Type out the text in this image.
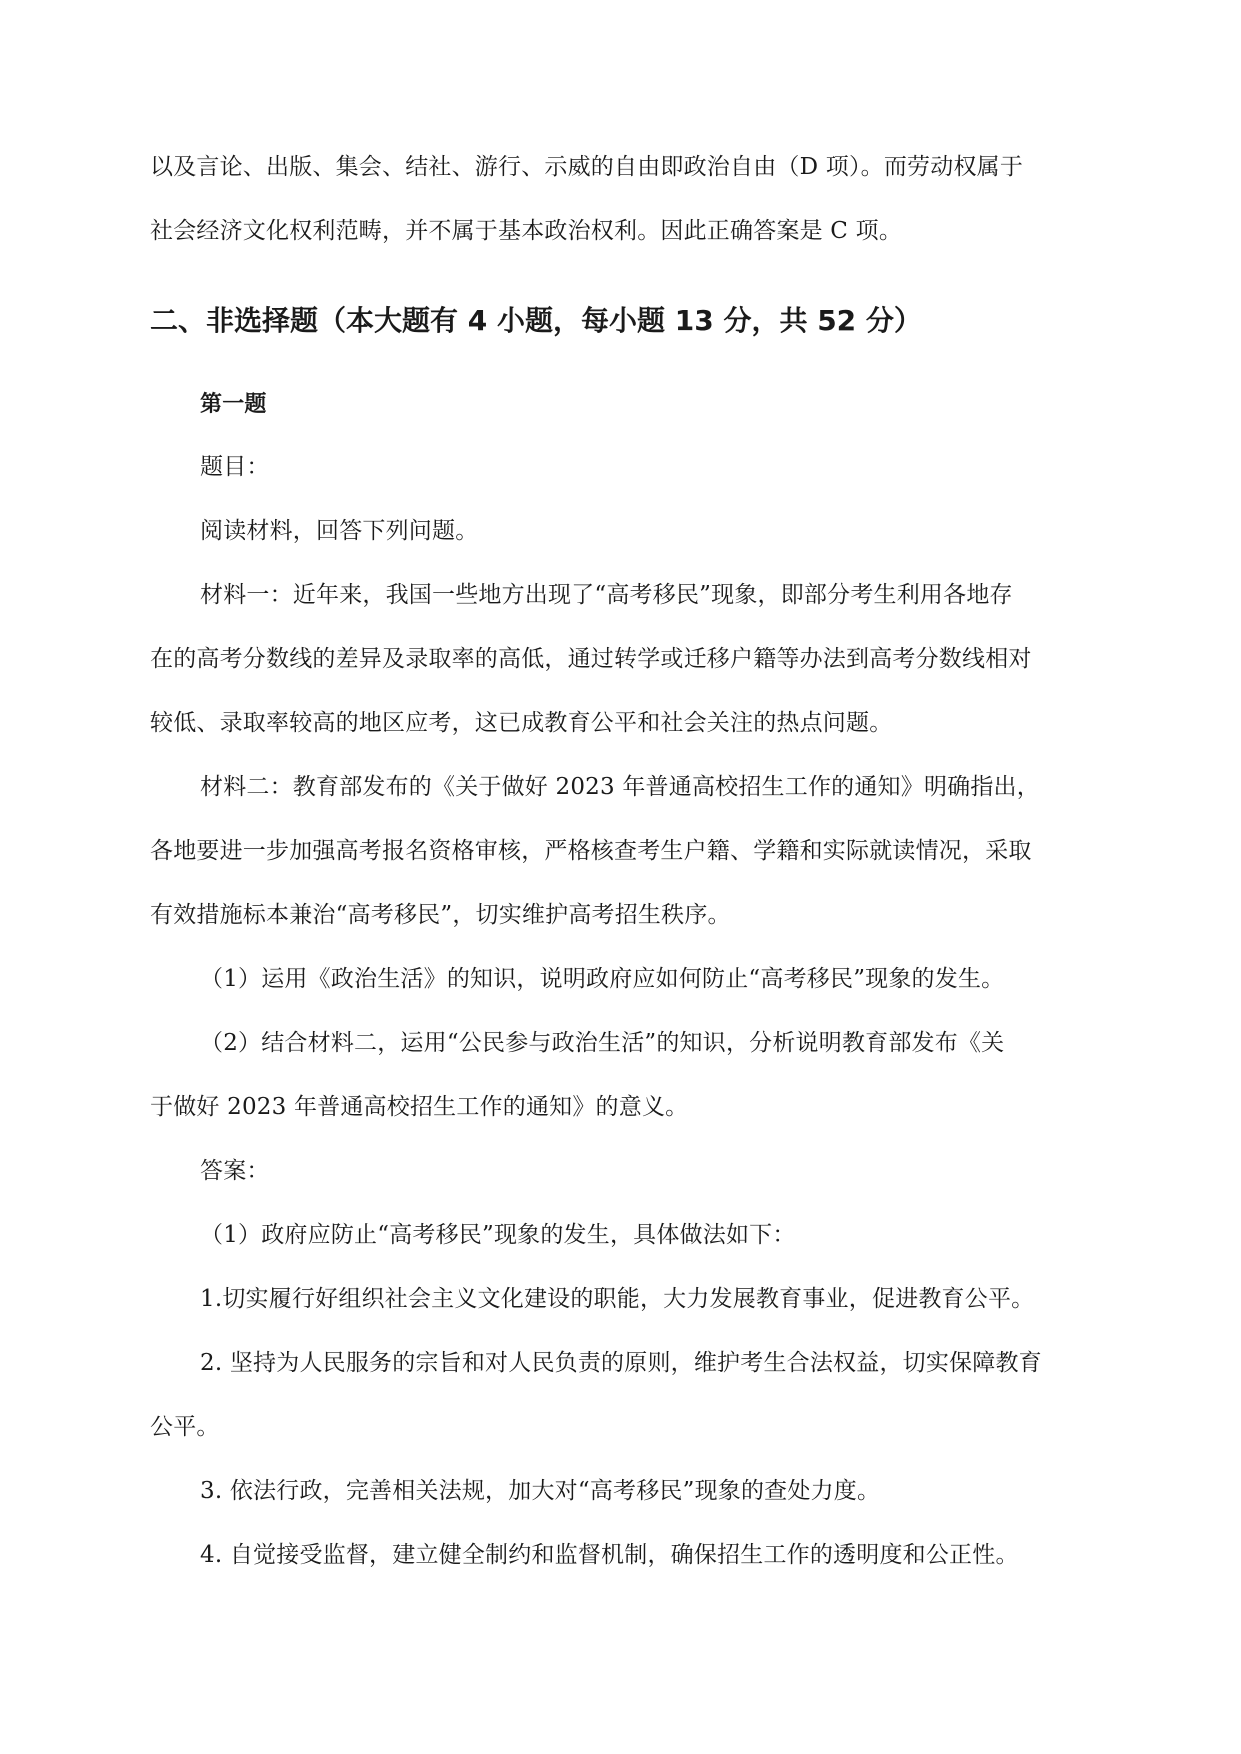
以及言论、出版、集会、结社、游行、示威的自由即政治自由（D 项）。而劳动权属于
社会经济文化权利范畴，并不属于基本政治权利。因此正确答案是 C 项。
二、非选择题（本大题有 4 小题，每小题 13 分，共 52 分）
第一题
题目：
阅读材料，回答下列问题。
材料一：近年来，我国一些地方出现了“高考移民”现象，即部分考生利用各地存
在的高考分数线的差异及录取率的高低，通过转学或迁移户籍等办法到高考分数线相对
较低、录取率较高的地区应考，这已成教育公平和社会关注的热点问题。
材料二：教育部发布的《关于做好 2023 年普通高校招生工作的通知》明确指出，
各地要进一步加强高考报名资格审核，严格核查考生户籍、学籍和实际就读情况，采取
有效措施标本兼治“高考移民”，切实维护高考招生秩序。
（1）运用《政治生活》的知识，说明政府应如何防止“高考移民”现象的发生。
（2）结合材料二，运用“公民参与政治生活”的知识，分析说明教育部发布《关
于做好 2023 年普通高校招生工作的通知》的意义。
答案：
（1）政府应防止“高考移民”现象的发生，具体做法如下：
1.切实履行好组织社会主义文化建设的职能，大力发展教育事业，促进教育公平。
2. 坚持为人民服务的宗旨和对人民负责的原则，维护考生合法权益，切实保障教育
公平。
3. 依法行政，完善相关法规，加大对“高考移民”现象的查处力度。
4. 自觉接受监督，建立健全制约和监督机制，确保招生工作的透明度和公正性。
